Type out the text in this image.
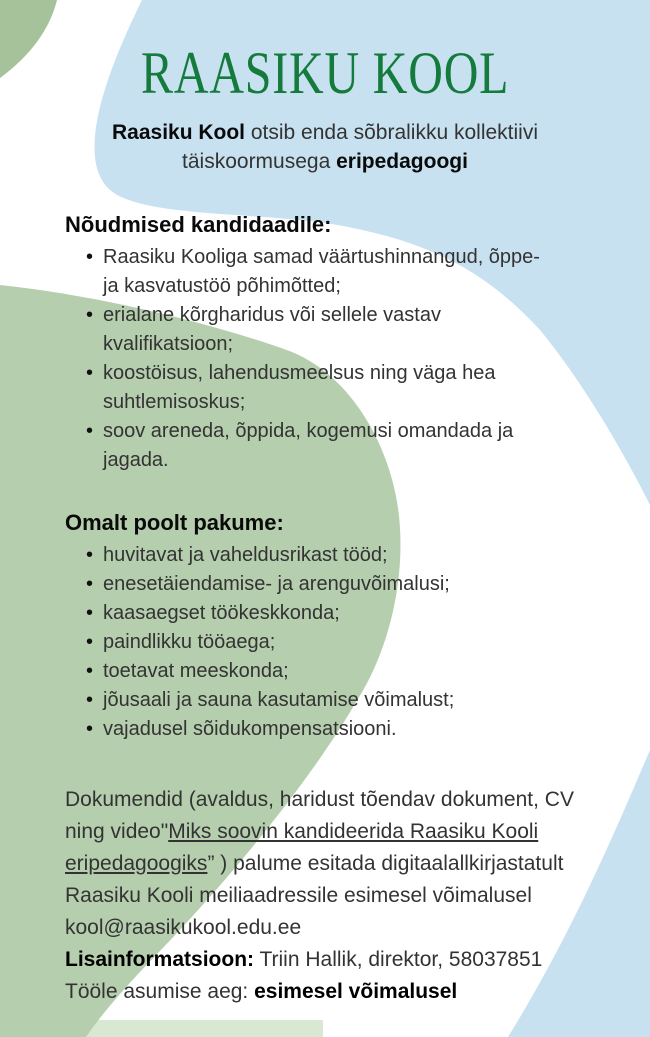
RAASIKU KOOL

Raasiku Kool otsib enda sõbralikku kollektiivi täiskoormusega eripedagoogi

Nõudmised kandidaadile:
• Raasiku Kooliga samad väärtushinnangud, õppe- ja kasvatustöö põhimõtted;
• erialane kõrgharidus või sellele vastav kvalifikatsioon;
• koostöisus, lahendusmeelsus ning väga hea suhtlemisoskus;
• soov areneda, õppida, kogemusi omandada ja jagada.
Omalt poolt pakume:
• huvitavat ja vaheldusrikast tööd;
• enesetäiendamise- ja arenguvõimalusi;
• kaasaegset töökeskkonda;
• paindlikku tööaega;
• toetavat meeskonda;
• jõusaali ja sauna kasutamise võimalust;
• vajadusel sõidukompensatsiooni.
Dokumendid (avaldus, haridust tõendav dokument, CV
ning video"Miks soovin kandideerida Raasiku Kooli
eripedagoogiks” ) palume esitada digitaalallkirjastatult
Raasiku Kooli meiliaadressile esimesel võimalusel
kool@raasikukool.edu.ee
Lisainformatsioon: Triin Hallik, direktor, 58037851
Tööle asumise aeg: esimesel võimalusel
